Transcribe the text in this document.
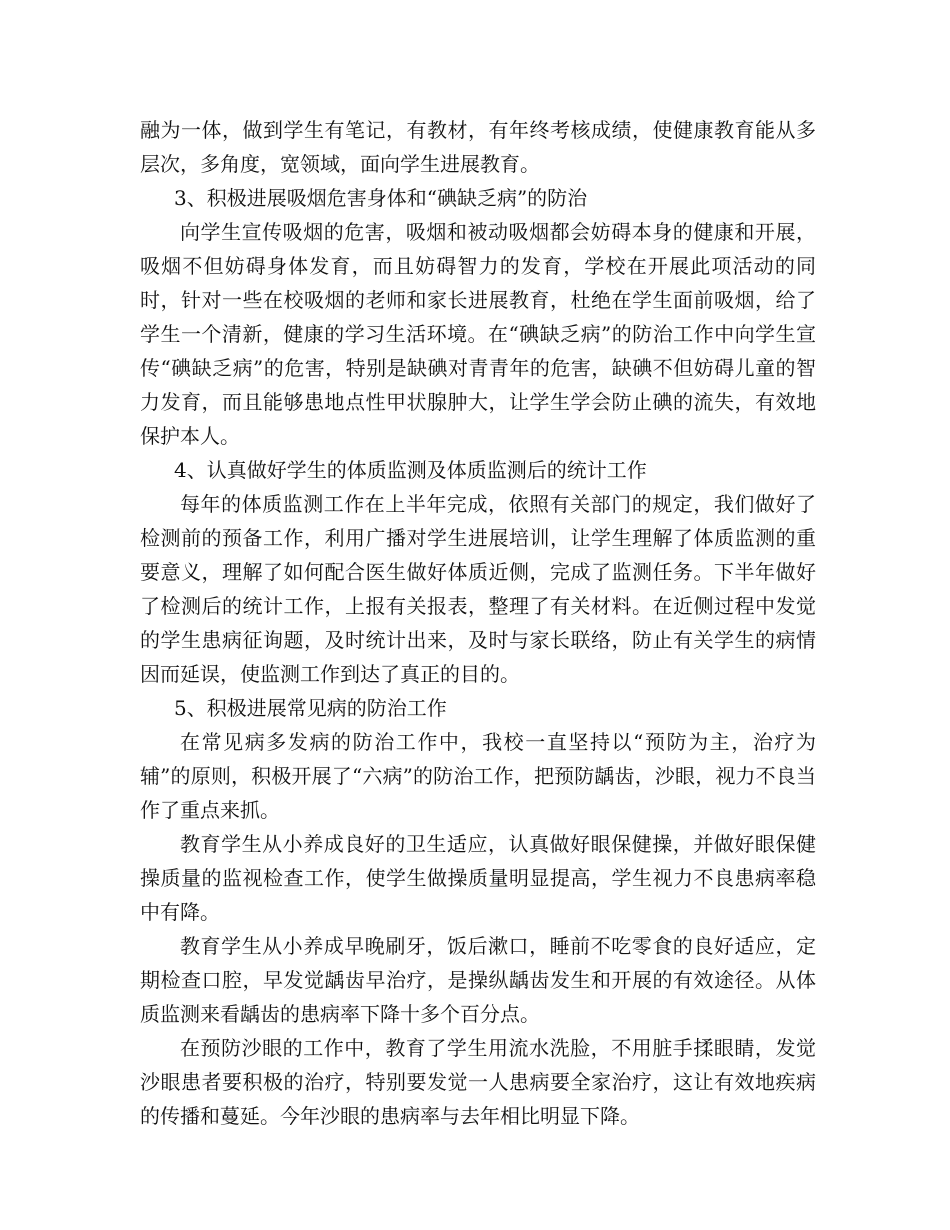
融为一体，做到学生有笔记，有教材，有年终考核成绩，使健康教育能从多层次，多角度，宽领域，面向学生进展教育。

3、积极进展吸烟危害身体和“碘缺乏病”的防治

向学生宣传吸烟的危害，吸烟和被动吸烟都会妨碍本身的健康和开展，吸烟不但妨碍身体发育，而且妨碍智力的发育，学校在开展此项活动的同时，针对一些在校吸烟的老师和家长进展教育，杜绝在学生面前吸烟，给了学生一个清新，健康的学习生活环境。在“碘缺乏病”的防治工作中向学生宣传“碘缺乏病”的危害，特别是缺碘对青青年的危害，缺碘不但妨碍儿童的智力发育，而且能够患地点性甲状腺肿大，让学生学会防止碘的流失，有效地保护本人。

4、认真做好学生的体质监测及体质监测后的统计工作

每年的体质监测工作在上半年完成，依照有关部门的规定，我们做好了检测前的预备工作，利用广播对学生进展培训，让学生理解了体质监测的重要意义，理解了如何配合医生做好体质近侧，完成了监测任务。下半年做好了检测后的统计工作，上报有关报表，整理了有关材料。在近侧过程中发觉的学生患病征询题，及时统计出来，及时与家长联络，防止有关学生的病情因而延误，使监测工作到达了真正的目的。

5、积极进展常见病的防治工作

在常见病多发病的防治工作中，我校一直坚持以“预防为主，治疗为辅”的原则，积极开展了“六病”的防治工作，把预防龋齿，沙眼，视力不良当作了重点来抓。

教育学生从小养成良好的卫生适应，认真做好眼保健操，并做好眼保健操质量的监视检查工作，使学生做操质量明显提高，学生视力不良患病率稳中有降。

教育学生从小养成早晚刷牙，饭后漱口，睡前不吃零食的良好适应，定期检查口腔，早发觉龋齿早治疗，是操纵龋齿发生和开展的有效途径。从体质监测来看龋齿的患病率下降十多个百分点。

在预防沙眼的工作中，教育了学生用流水洗脸，不用脏手揉眼睛，发觉沙眼患者要积极的治疗，特别要发觉一人患病要全家治疗，这让有效地疾病的传播和蔓延。今年沙眼的患病率与去年相比明显下降。
